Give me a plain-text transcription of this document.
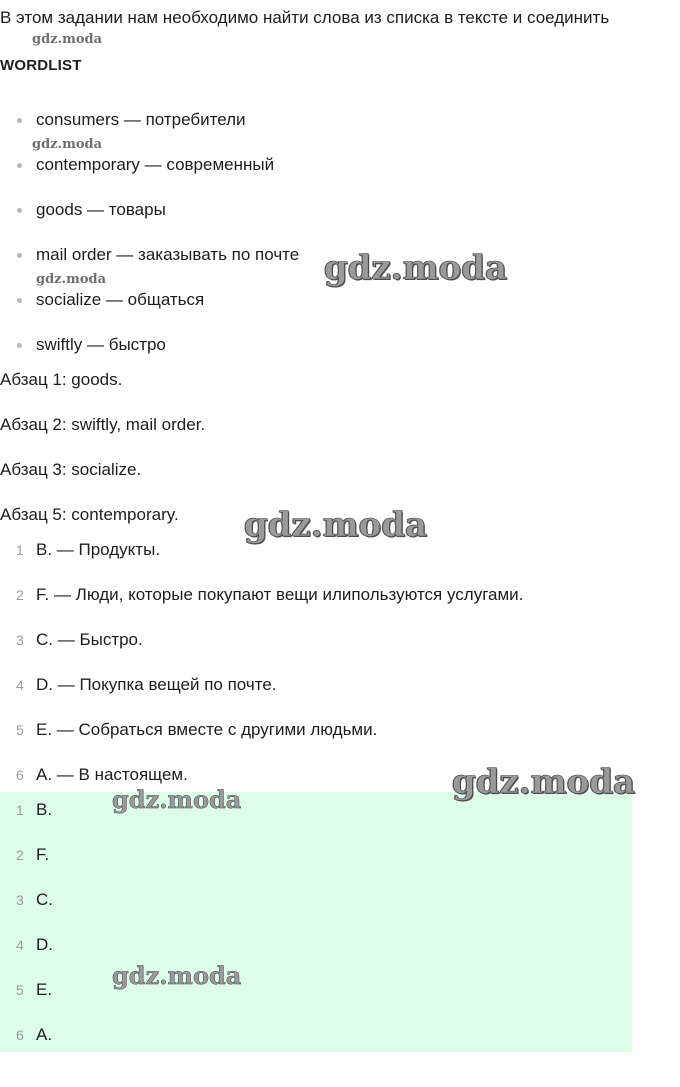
В этом задании нам необходимо найти слова из списка в тексте и соединить
WORDLIST
consumers — потребители
contemporary — современный
goods — товары
mail order — заказывать по почте
socialize — общаться
swiftly — быстро
Абзац 1: goods.
Абзац 2: swiftly, mail order.
Абзац 3: socialize.
Абзац 5: contemporary.
1 B. — Продукты.
2 F. — Люди, которые покупают вещи илипользуются услугами.
3 C. — Быстро.
4 D. — Покупка вещей по почте.
5 E. — Собраться вместе с другими людьми.
6 A. — В настоящем.
1 B.
2 F.
3 C.
4 D.
5 E.
6 A.
gdz.moda
gdz.moda
gdz.moda	gdz.moda
gdz.moda
gdz.moda
gdz.moda
gdz.moda
